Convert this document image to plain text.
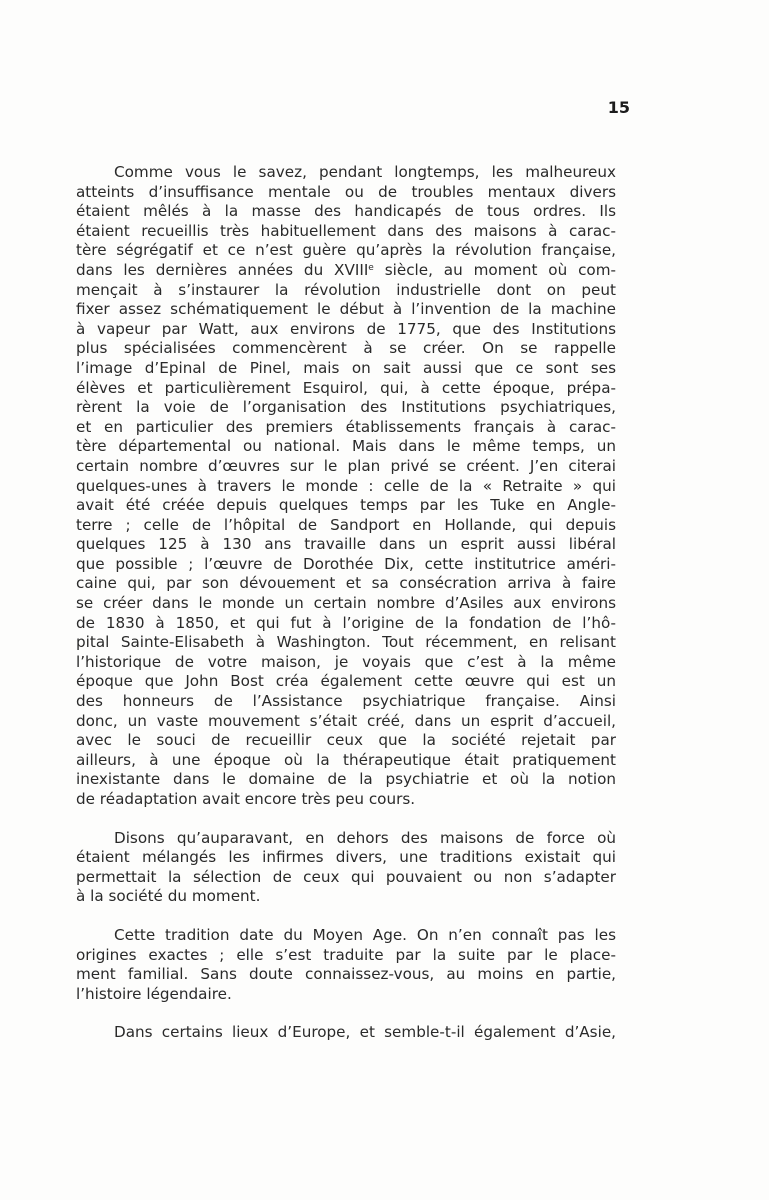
15
Comme vous le savez, pendant longtemps, les malheureux
atteints d’insuffisance mentale ou de troubles mentaux divers
étaient mêlés à la masse des handicapés de tous ordres. Ils
étaient recueillis très habituellement dans des maisons à carac-
tère ségrégatif et ce n’est guère qu’après la révolution française,
dans les dernières années du XVIIIe siècle, au moment où com-
mençait à s’instaurer la révolution industrielle dont on peut
fixer assez schématiquement le début à l’invention de la machine
à vapeur par Watt, aux environs de 1775, que des Institutions
plus spécialisées commencèrent à se créer. On se rappelle
l’image d’Epinal de Pinel, mais on sait aussi que ce sont ses
élèves et particulièrement Esquirol, qui, à cette époque, prépa-
rèrent la voie de l’organisation des Institutions psychiatriques,
et en particulier des premiers établissements français à carac-
tère départemental ou national. Mais dans le même temps, un
certain nombre d’œuvres sur le plan privé se créent. J’en citerai
quelques-unes à travers le monde : celle de la « Retraite » qui
avait été créée depuis quelques temps par les Tuke en Angle-
terre ; celle de l’hôpital de Sandport en Hollande, qui depuis
quelques 125 à 130 ans travaille dans un esprit aussi libéral
que possible ; l’œuvre de Dorothée Dix, cette institutrice améri-
caine qui, par son dévouement et sa consécration arriva à faire
se créer dans le monde un certain nombre d’Asiles aux environs
de 1830 à 1850, et qui fut à l’origine de la fondation de l’hô-
pital Sainte-Elisabeth à Washington. Tout récemment, en relisant
l’historique de votre maison, je voyais que c’est à la même
époque que John Bost créa également cette œuvre qui est un
des honneurs de l’Assistance psychiatrique française. Ainsi
donc, un vaste mouvement s’était créé, dans un esprit d’accueil,
avec le souci de recueillir ceux que la société rejetait par
ailleurs, à une époque où la thérapeutique était pratiquement
inexistante dans le domaine de la psychiatrie et où la notion
de réadaptation avait encore très peu cours.
Disons qu’auparavant, en dehors des maisons de force où
étaient mélangés les infirmes divers, une traditions existait qui
permettait la sélection de ceux qui pouvaient ou non s’adapter
à la société du moment.
Cette tradition date du Moyen Age. On n’en connaît pas les
origines exactes ; elle s’est traduite par la suite par le place-
ment familial. Sans doute connaissez-vous, au moins en partie,
l’histoire légendaire.
Dans certains lieux d’Europe, et semble-t-il également d’Asie,
